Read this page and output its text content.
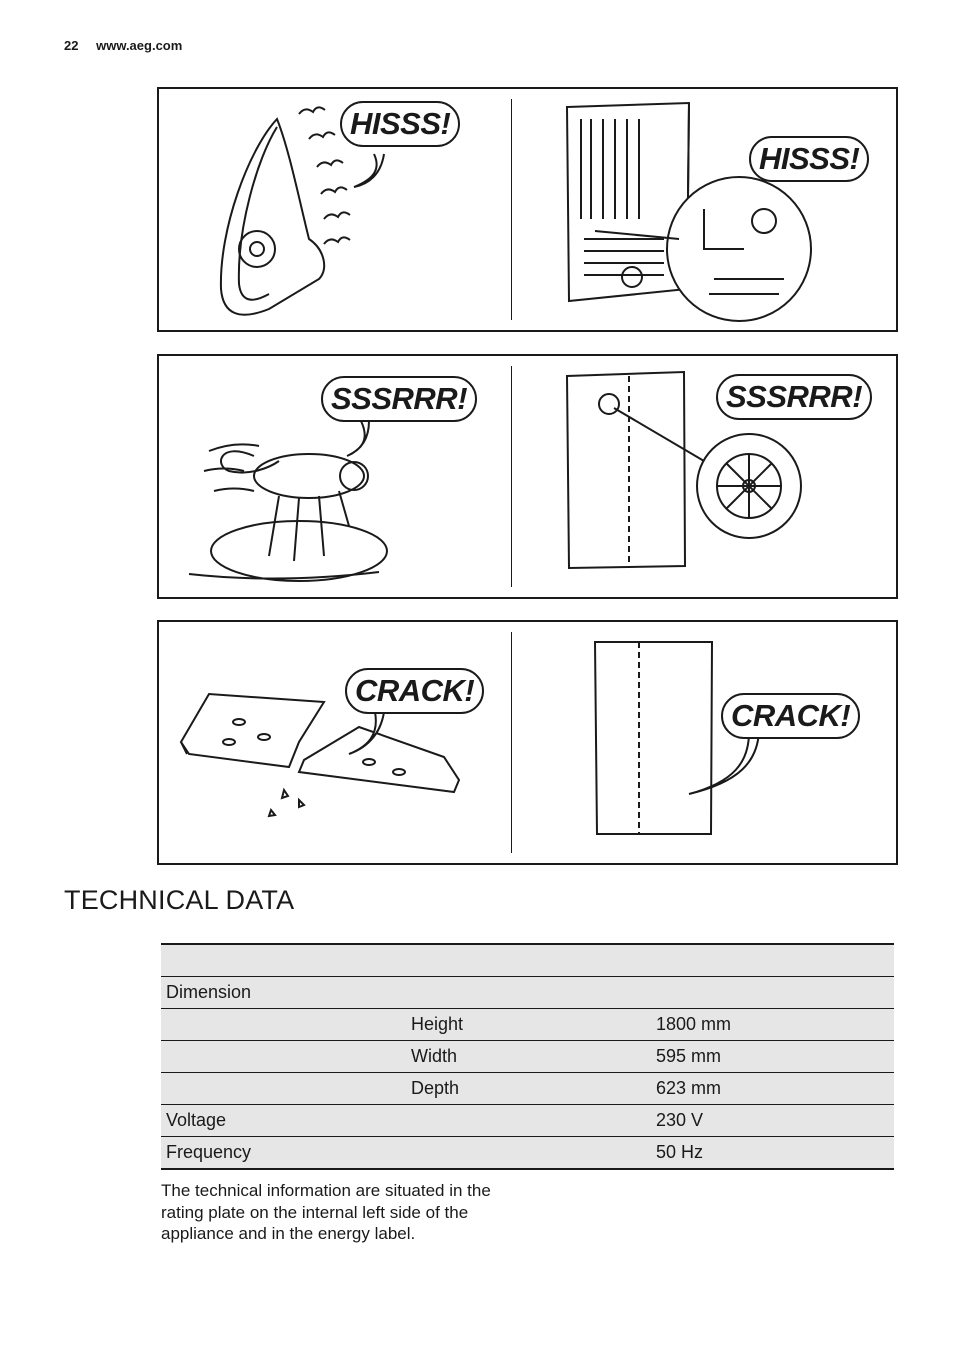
22 www.aeg.com
HISSS!
HISSS!
SSSRRR!	SSSRRR!
CRACK!
CRACK!
TECHNICAL DATA

Dimension		
	Height	1800 mm
	Width	595 mm
	Depth	623 mm
Voltage		230 V
Frequency		50 Hz
The technical information are situated in the rating plate on the internal left side of the appliance and in the energy label.
